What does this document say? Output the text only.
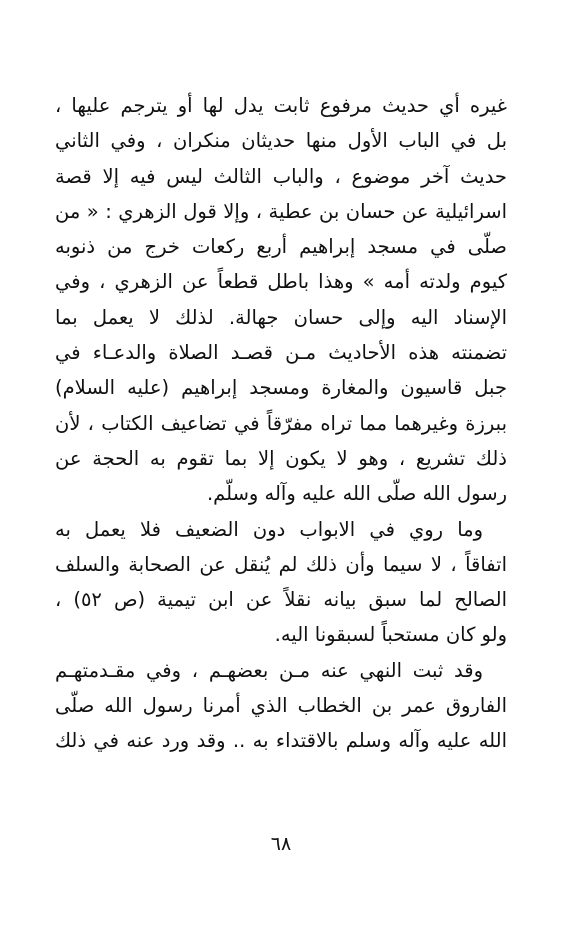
غيره أي حديث مرفوع ثابت يدل لها أو يترجم عليها ،
بل في الباب الأول منها حديثان منكران ، وفي الثاني
حديث آخر موضوع ، والباب الثالث ليس فيه إلا قصة
اسرائيلية عن حسان بن عطية ، وإلا قول الزهري : « من
صلّى في مسجد إبراهيم أربع ركعات خرج من ذنوبه
كيوم ولدته أمه » وهذا باطل قطعاً عن الزهري ، وفي
الإسناد اليه وإلى حسان جهالة. لذلك لا يعمل بما
تضمنته هذه الأحاديث مـن قصـد الصلاة والدعـاء في
جبل قاسيون والمغارة ومسجد إبراهيم (عليه السلام)
ببرزة وغيرهما مما تراه مفرّقاً في تضاعيف الكتاب ، لأن
ذلك تشريع ، وهو لا يكون إلا بما تقوم به الحجة عن
رسول الله صلّى الله عليه وآله وسلّم.
وما روي في الابواب دون الضعيف فلا يعمل به
اتفاقاً ، لا سيما وأن ذلك لم يُنقل عن الصحابة والسلف
الصالح لما سبق بيانه نقلاً عن ابن تيمية (ص ٥٢) ،
ولو كان مستحباً لسبقونا اليه.
وقد ثبت النهي عنه مـن بعضهـم ، وفي مقـدمتهـم
الفاروق عمر بن الخطاب الذي أمرنا رسول الله صلّى
الله عليه وآله وسلم بالاقتداء به .. وقد ورد عنه في ذلك
٦٨
